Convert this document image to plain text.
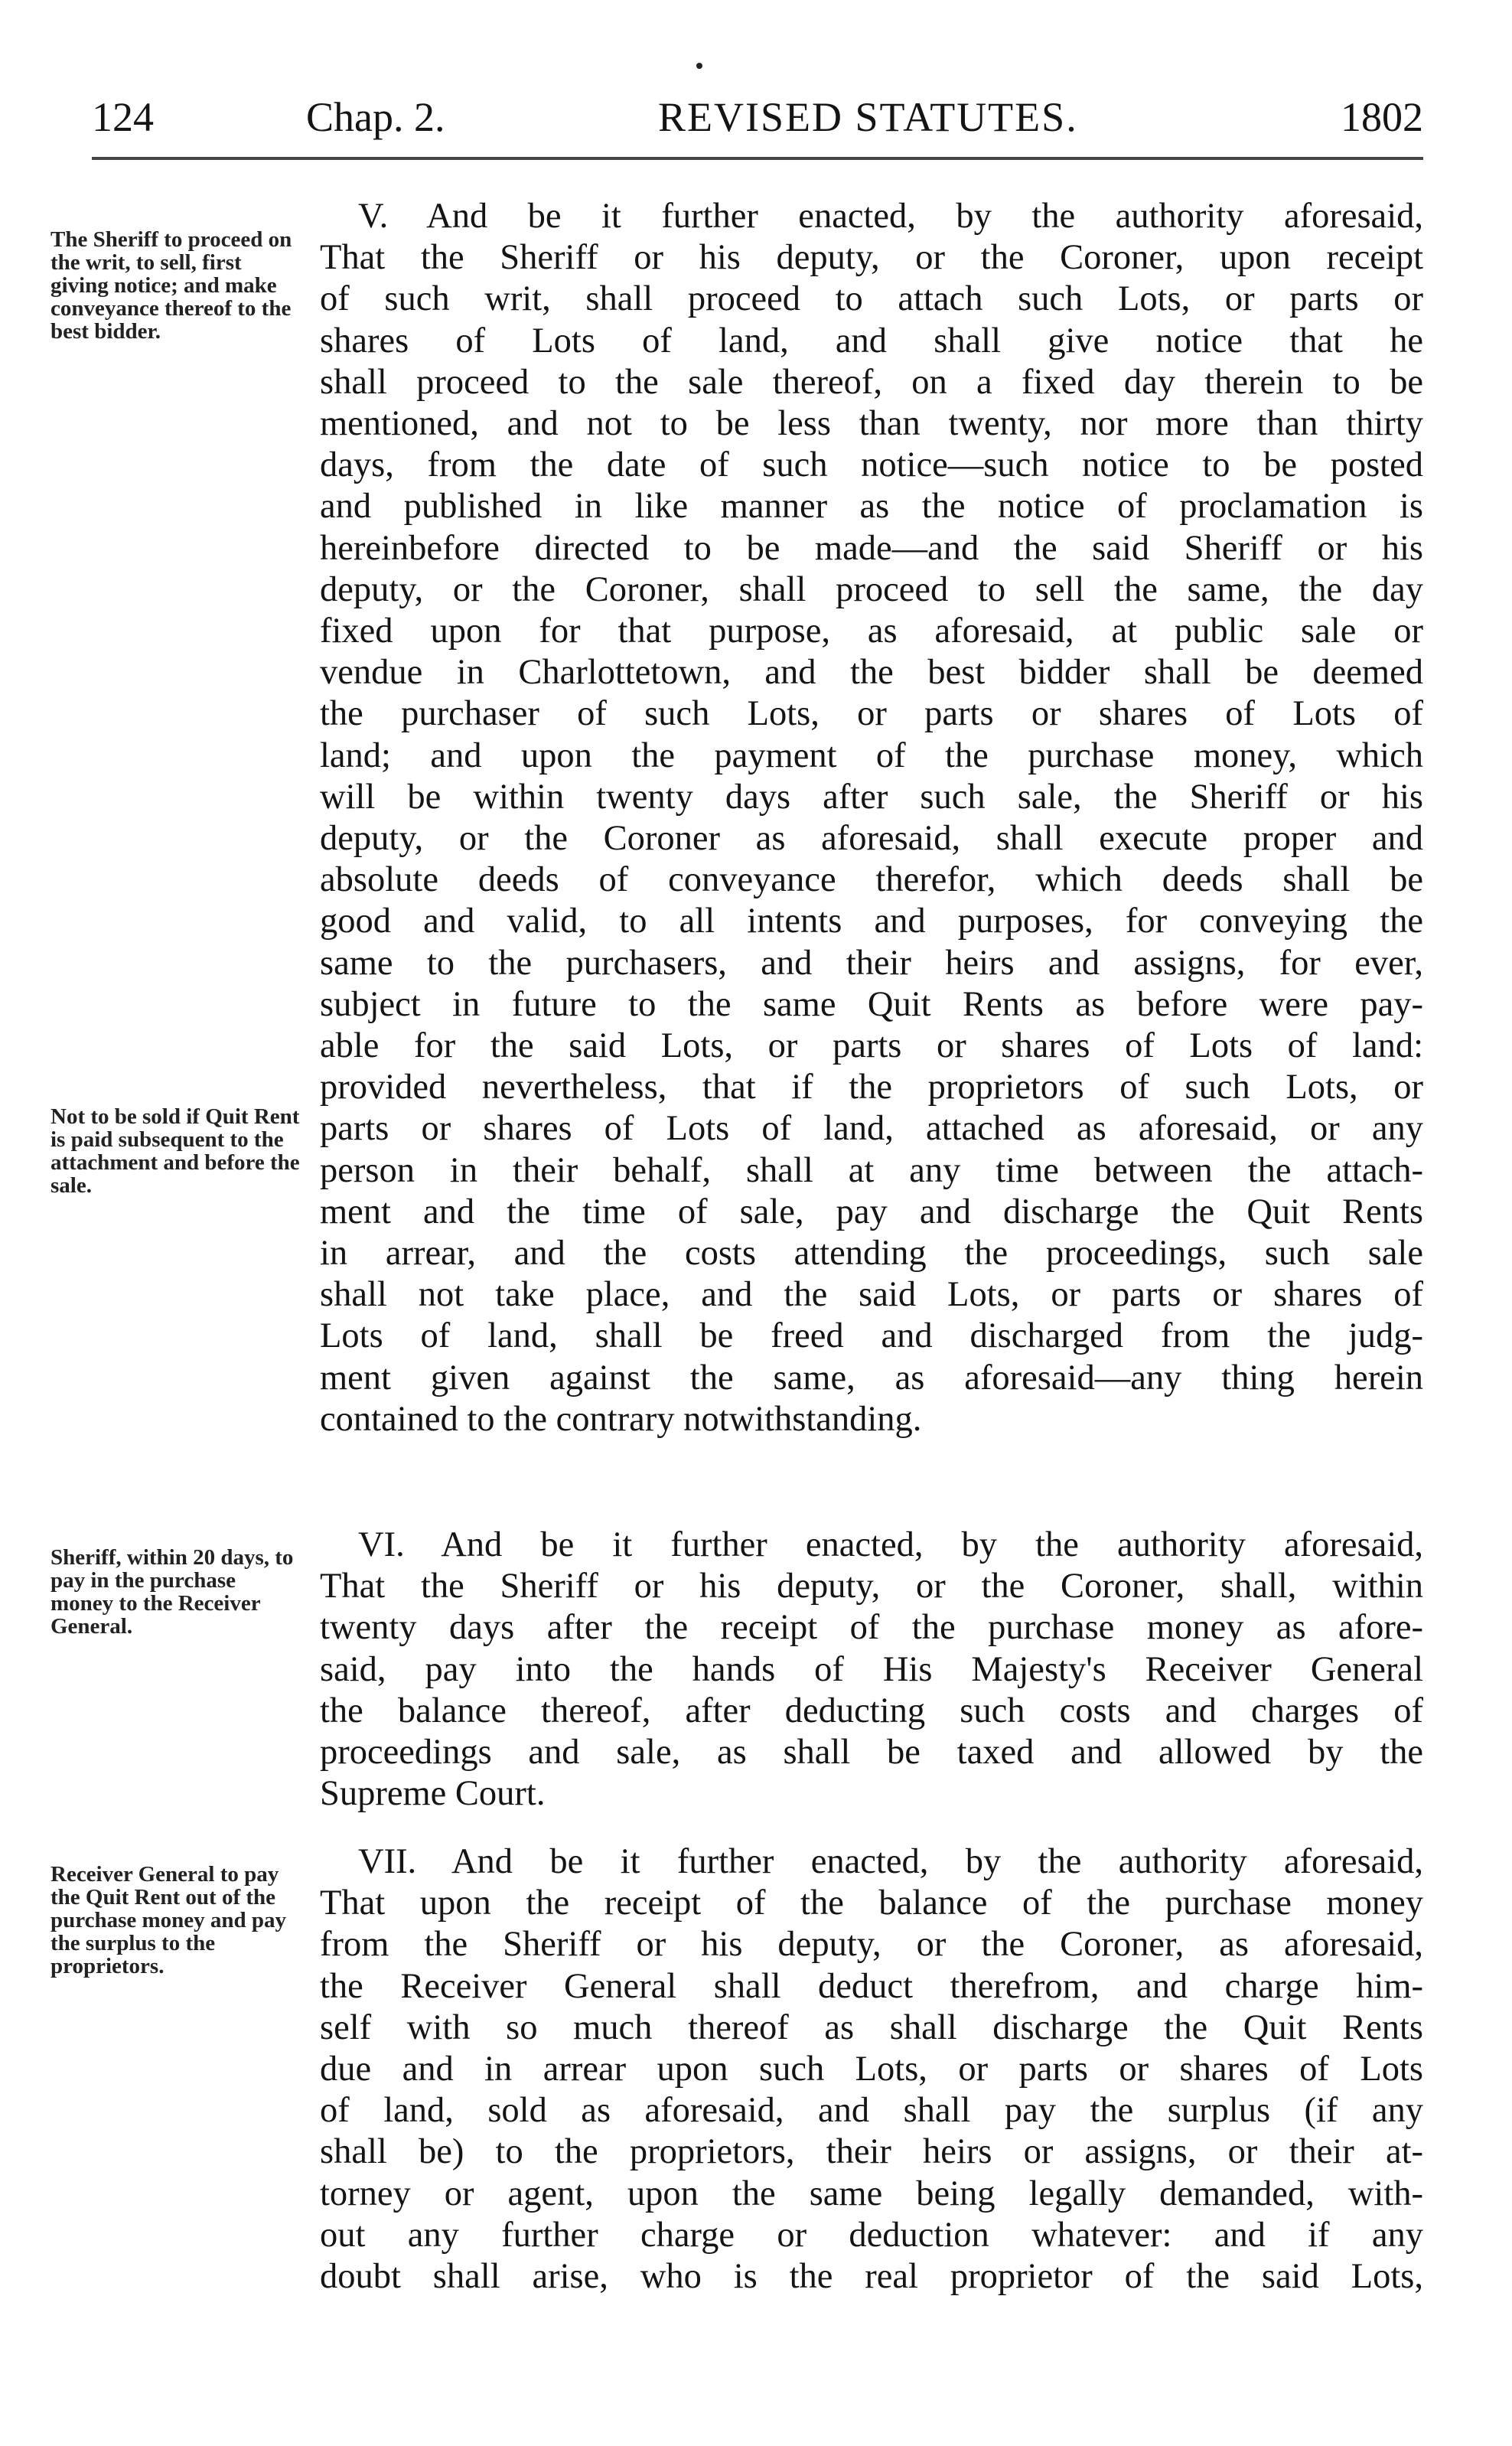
124	Chap. 2.	REVISED STATUTES.	1802
The Sheriff to proceed on the writ, to sell, first giving notice; and make conveyance thereof to the best bidder.
Not to be sold if Quit Rent is paid subsequent to the attachment and before the sale.
Sheriff, within 20 days, to pay in the purchase money to the Receiver General.
Receiver General to pay the Quit Rent out of the purchase money and pay the surplus to the proprietors.
V. And be it further enacted, by the authority aforesaid,
That the Sheriff or his deputy, or the Coroner, upon receipt
of such writ, shall proceed to attach such Lots, or parts or
shares of Lots of land, and shall give notice that he
shall proceed to the sale thereof, on a fixed day therein to be
mentioned, and not to be less than twenty, nor more than thirty
days, from the date of such notice—such notice to be posted
and published in like manner as the notice of proclamation is
hereinbefore directed to be made—and the said Sheriff or his
deputy, or the Coroner, shall proceed to sell the same, the day
fixed upon for that purpose, as aforesaid, at public sale or
vendue in Charlottetown, and the best bidder shall be deemed
the purchaser of such Lots, or parts or shares of Lots of
land; and upon the payment of the purchase money, which
will be within twenty days after such sale, the Sheriff or his
deputy, or the Coroner as aforesaid, shall execute proper and
absolute deeds of conveyance therefor, which deeds shall be
good and valid, to all intents and purposes, for conveying the
same to the purchasers, and their heirs and assigns, for ever,
subject in future to the same Quit Rents as before were pay-
able for the said Lots, or parts or shares of Lots of land:
provided nevertheless, that if the proprietors of such Lots, or
parts or shares of Lots of land, attached as aforesaid, or any
person in their behalf, shall at any time between the attach-
ment and the time of sale, pay and discharge the Quit Rents
in arrear, and the costs attending the proceedings, such sale
shall not take place, and the said Lots, or parts or shares of
Lots of land, shall be freed and discharged from the judg-
ment given against the same, as aforesaid—any thing herein
contained to the contrary notwithstanding.
VI. And be it further enacted, by the authority aforesaid,
That the Sheriff or his deputy, or the Coroner, shall, within
twenty days after the receipt of the purchase money as afore-
said, pay into the hands of His Majesty's Receiver General
the balance thereof, after deducting such costs and charges of
proceedings and sale, as shall be taxed and allowed by the
Supreme Court.
VII. And be it further enacted, by the authority aforesaid,
That upon the receipt of the balance of the purchase money
from the Sheriff or his deputy, or the Coroner, as aforesaid,
the Receiver General shall deduct therefrom, and charge him-
self with so much thereof as shall discharge the Quit Rents
due and in arrear upon such Lots, or parts or shares of Lots
of land, sold as aforesaid, and shall pay the surplus (if any
shall be) to the proprietors, their heirs or assigns, or their at-
torney or agent, upon the same being legally demanded, with-
out any further charge or deduction whatever: and if any
doubt shall arise, who is the real proprietor of the said Lots,
